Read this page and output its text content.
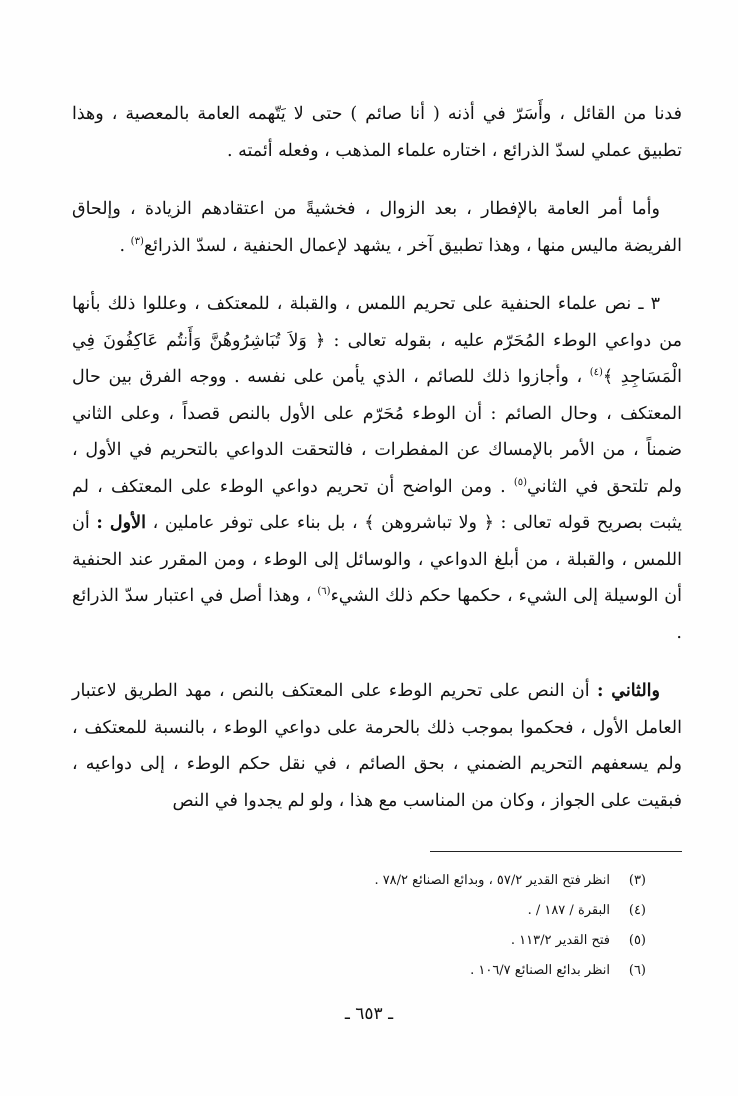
فدنا من القائل ، وأَسَرّ في أذنه ( أنا صائم ) حتى لا يَتّهمه العامة بالمعصية ، وهذا تطبيق عملي لسدّ الذرائع ، اختاره علماء المذهب ، وفعله أئمته .

وأما أمر العامة بالإفطار ، بعد الزوال ، فخشيةً من اعتقادهم الزيادة ، وإلحاق الفريضة ماليس منها ، وهذا تطبيق آخر ، يشهد لإعمال الحنفية ، لسدّ الذرائع$^{(٣)}$ .

٣ ـ نص علماء الحنفية على تحريم اللمس ، والقبلة ، للمعتكف ، وعللوا ذلك بأنها من دواعي الوطء المُحَرّم عليه ، بقوله تعالى : ﴿ وَلاَ تُبَاشِرُوهُنَّ وَأَنتُم عَاكِفُونَ فِي الْمَسَاجِدِ ﴾$^{(٤)}$ ، وأجازوا ذلك للصائم ، الذي يأمن على نفسه . ووجه الفرق بين حال المعتكف ، وحال الصائم : أن الوطء مُحَرّم على الأول بالنص قصداً ، وعلى الثاني ضمناً ، من الأمر بالإمساك عن المفطرات ، فالتحقت الدواعي بالتحريم في الأول ، ولم تلتحق في الثاني$^{(٥)}$ . ومن الواضح أن تحريم دواعي الوطء على المعتكف ، لم يثبت بصريح قوله تعالى : ﴿ ولا تباشروهن ﴾ ، بل بناء على توفر عاملين ، الأول : أن اللمس ، والقبلة ، من أبلغ الدواعي ، والوسائل إلى الوطء ، ومن المقرر عند الحنفية أن الوسيلة إلى الشيء ، حكمها حكم ذلك الشيء$^{(٦)}$ ، وهذا أصل في اعتبار سدّ الذرائع .

والثاني : أن النص على تحريم الوطء على المعتكف بالنص ، مهد الطريق لاعتبار العامل الأول ، فحكموا بموجب ذلك بالحرمة على دواعي الوطء ، بالنسبة للمعتكف ، ولم يسعفهم التحريم الضمني ، بحق الصائم ، في نقل حكم الوطء ، إلى دواعيه ، فبقيت على الجواز ، وكان من المناسب مع هذا ، ولو لم يجدوا في النص

(٣)انظر فتح القدير ٥٧/٢ ، وبدائع الصنائع ٧٨/٢ .
(٤)البقرة / ١٨٧ / .
(٥)فتح القدير ١١٣/٢ .
(٦)انظر بدائع الصنائع ١٠٦/٧ .
ـ ٦٥٣ ـ
